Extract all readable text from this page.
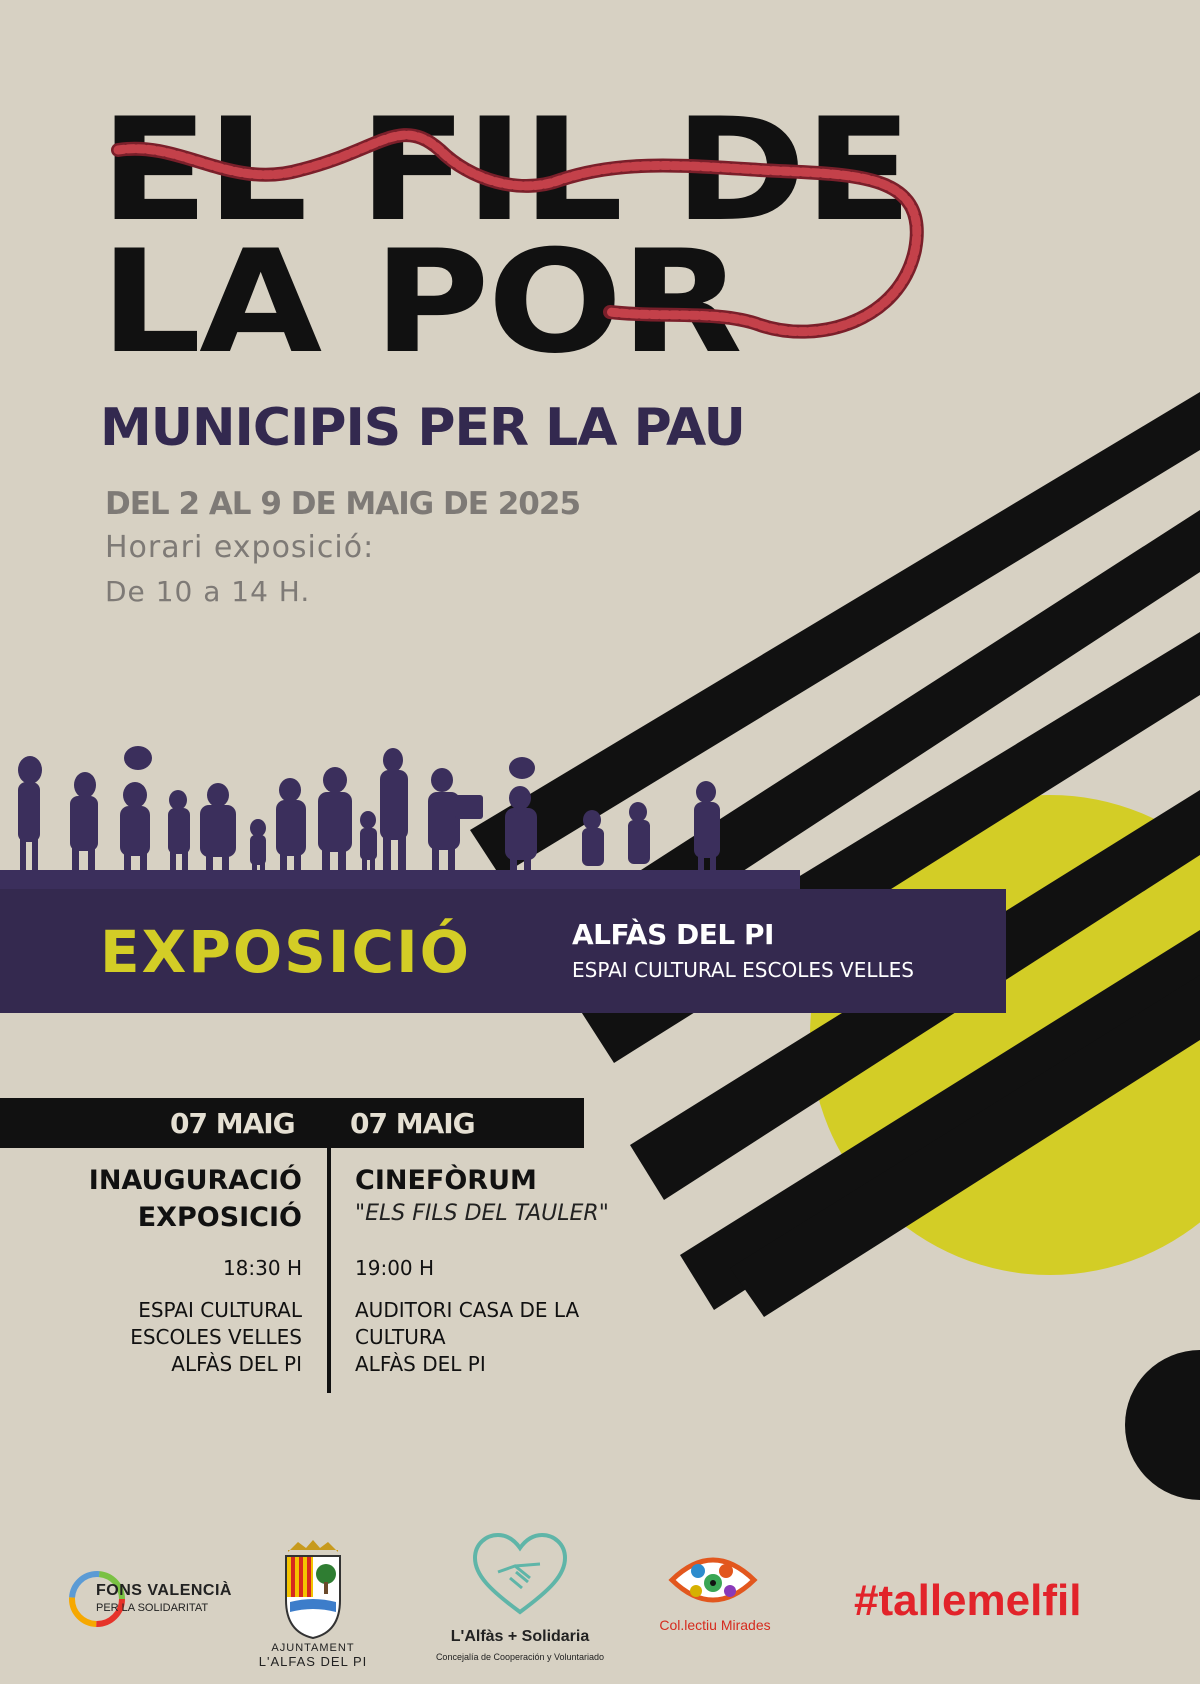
EL FIL DE
LA POR
MUNICIPIS PER LA PAU
DEL 2 AL 9 DE MAIG DE 2025
Horari exposició:
De 10 a 14 H.
EXPOSICIÓ	ALFÀS DEL PI
ESPAI CULTURAL ESCOLES VELLES
07 MAIG 07 MAIG
INAUGURACIÓ
EXPOSICIÓ
18:30 H
ESPAI CULTURAL
ESCOLES VELLES
ALFÀS DEL PI
CINEFÒRUM
"ELS FILS DEL TAULER"
19:00 H
AUDITORI CASA DE LA
CULTURA
ALFÀS DEL PI
FONS VALENCIÀ
PER LA SOLIDARITAT
AJUNTAMENT
L'ALFAS DEL PI
L'Alfàs + Solidaria
Concejalía de Cooperación y Voluntariado
Col.lectiu Mirades #tallemelfil
